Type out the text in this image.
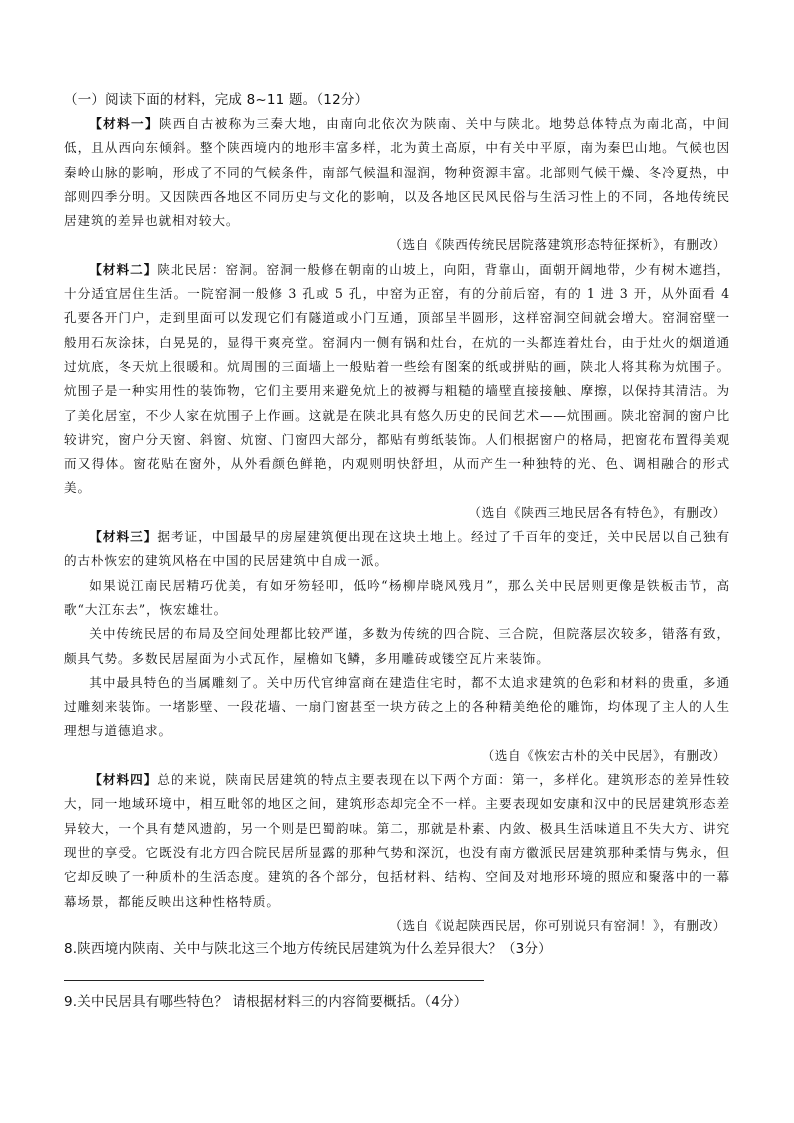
（一）阅读下面的材料，完成 8~11 题。（12分）

【材料一】陕西自古被称为三秦大地，由南向北依次为陕南、关中与陕北。地势总体特点为南北高，中间低，且从西向东倾斜。整个陕西境内的地形丰富多样，北为黄土高原，中有关中平原，南为秦巴山地。气候也因秦岭山脉的影响，形成了不同的气候条件，南部气候温和湿润，物种资源丰富。北部则气候干燥、冬冷夏热，中部则四季分明。又因陕西各地区不同历史与文化的影响，以及各地区民风民俗与生活习性上的不同，各地传统民居建筑的差异也就相对较大。

（选自《陕西传统民居院落建筑形态特征探析》，有删改）

【材料二】陕北民居：窑洞。窑洞一般修在朝南的山坡上，向阳，背靠山，面朝开阔地带，少有树木遮挡，十分适宜居住生活。一院窑洞一般修 3 孔或 5 孔，中窑为正窑，有的分前后窑，有的 1 进 3 开，从外面看 4 孔要各开门户，走到里面可以发现它们有隧道或小门互通，顶部呈半圆形，这样窑洞空间就会增大。窑洞窑壁一般用石灰涂抹，白晃晃的，显得干爽亮堂。窑洞内一侧有锅和灶台，在炕的一头都连着灶台，由于灶火的烟道通过炕底，冬天炕上很暖和。炕周围的三面墙上一般贴着一些绘有图案的纸或拼贴的画，陕北人将其称为炕围子。炕围子是一种实用性的装饰物，它们主要用来避免炕上的被褥与粗糙的墙壁直接接触、摩擦，以保持其清洁。为了美化居室，不少人家在炕围子上作画。这就是在陕北具有悠久历史的民间艺术——炕围画。陕北窑洞的窗户比较讲究，窗户分天窗、斜窗、炕窗、门窗四大部分，都贴有剪纸装饰。人们根据窗户的格局，把窗花布置得美观而又得体。窗花贴在窗外，从外看颜色鲜艳，内观则明快舒坦，从而产生一种独特的光、色、调相融合的形式美。

（选自《陕西三地民居各有特色》，有删改）

【材料三】据考证，中国最早的房屋建筑便出现在这块土地上。经过了千百年的变迁，关中民居以自己独有的古朴恢宏的建筑风格在中国的民居建筑中自成一派。

如果说江南民居精巧优美，有如牙笏轻叩，低吟“杨柳岸晓风残月”，那么关中民居则更像是铁板击节，高歌“大江东去”，恢宏雄壮。

关中传统民居的布局及空间处理都比较严谨，多数为传统的四合院、三合院，但院落层次较多，错落有致，颇具气势。多数民居屋面为小式瓦作，屋檐如飞鳞，多用雕砖或镂空瓦片来装饰。

其中最具特色的当属雕刻了。关中历代官绅富商在建造住宅时，都不太追求建筑的色彩和材料的贵重，多通过雕刻来装饰。一堵影壁、一段花墙、一扇门窗甚至一块方砖之上的各种精美绝伦的雕饰，均体现了主人的人生理想与道德追求。

（选自《恢宏古朴的关中民居》，有删改）

【材料四】总的来说，陕南民居建筑的特点主要表现在以下两个方面：第一，多样化。建筑形态的差异性较大，同一地域环境中，相互毗邻的地区之间，建筑形态却完全不一样。主要表现如安康和汉中的民居建筑形态差异较大，一个具有楚风遗韵，另一个则是巴蜀韵味。第二，那就是朴素、内敛、极具生活味道且不失大方、讲究现世的享受。它既没有北方四合院民居所显露的那种气势和深沉，也没有南方徽派民居建筑那种柔情与隽永，但它却反映了一种质朴的生活态度。建筑的各个部分，包括材料、结构、空间及对地形环境的照应和聚落中的一幕幕场景，都能反映出这种性格特质。

（选自《说起陕西民居，你可别说只有窑洞！》，有删改）

8.陕西境内陕南、关中与陕北这三个地方传统民居建筑为什么差异很大？（3分）

9.关中民居具有哪些特色？ 请根据材料三的内容简要概括。（4分）
